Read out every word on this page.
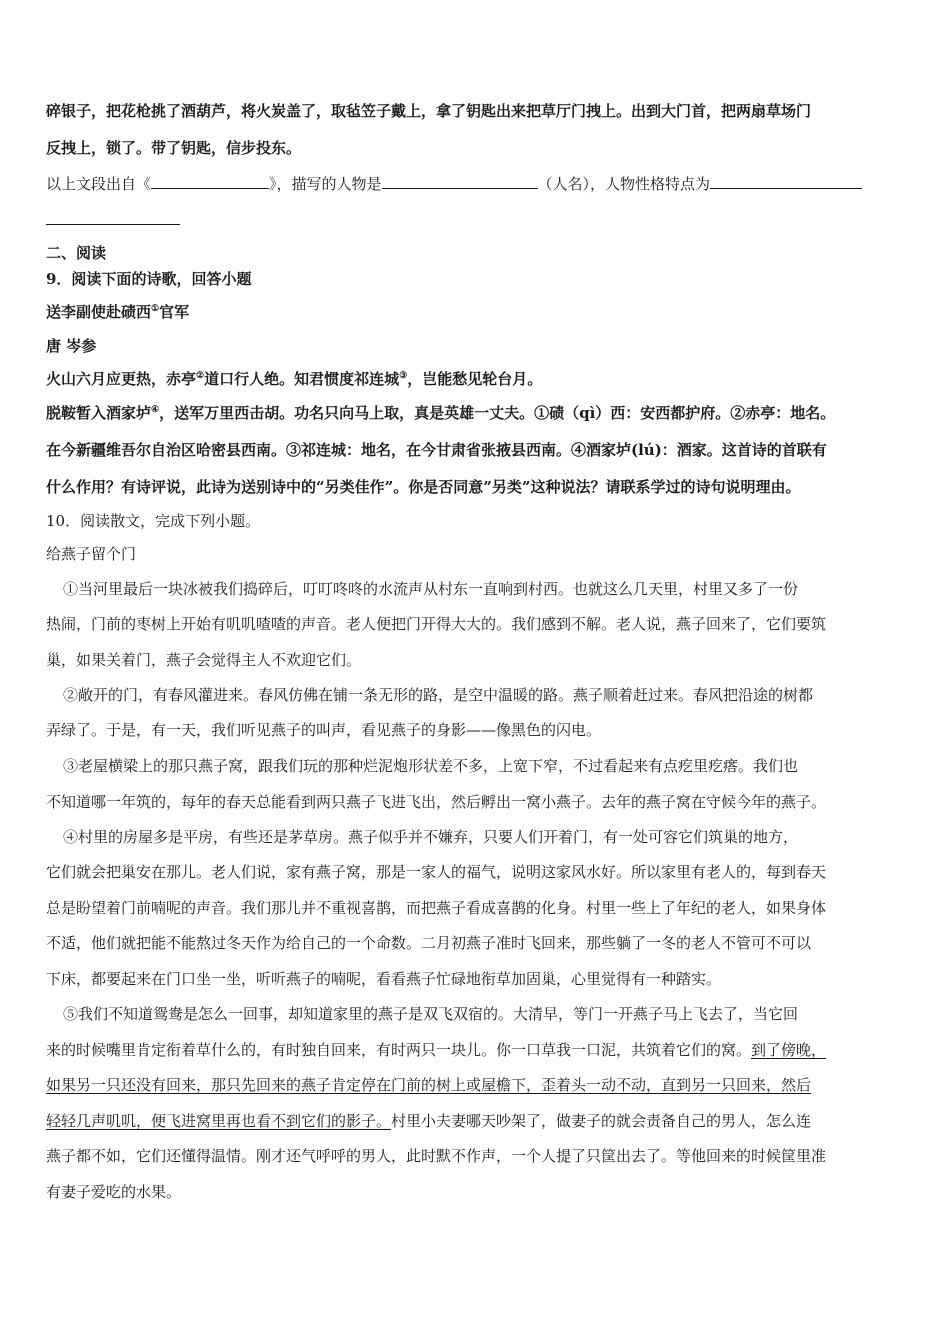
碎银子，把花枪挑了酒葫芦，将火炭盖了，取毡笠子戴上，拿了钥匙出来把草厅门拽上。出到大门首，把两扇草场门
反拽上，锁了。带了钥匙，信步投东。
以上文段出自《	》，描写的人物是	（人名），人物性格特点为
二、阅读
9．阅读下面的诗歌，回答小题
送李副使赴碛西①官军
唐 岑参
火山六月应更热，赤亭②道口行人绝。知君惯度祁连城③，岂能愁见轮台月。
脱鞍暂入酒家垆④，送军万里西击胡。功名只向马上取，真是英雄一丈夫。①碛（qì）西：安西都护府。②赤亭：地名。
在今新疆维吾尔自治区哈密县西南。③祁连城：地名，在今甘肃省张掖县西南。④酒家垆(lú)：酒家。这首诗的首联有
什么作用？有诗评说，此诗为送别诗中的“另类佳作”。你是否同意”另类”这种说法？请联系学过的诗句说明理由。
10．阅读散文，完成下列小题。
给燕子留个门
①当河里最后一块冰被我们捣碎后，叮叮咚咚的水流声从村东一直响到村西。也就这么几天里，村里又多了一份
热闹，门前的枣树上开始有叽叽喳喳的声音。老人便把门开得大大的。我们感到不解。老人说，燕子回来了，它们要筑
巢，如果关着门，燕子会觉得主人不欢迎它们。
②敞开的门，有春风灌进来。春风仿佛在铺一条无形的路，是空中温暖的路。燕子顺着赶过来。春风把沿途的树都
弄绿了。于是，有一天，我们听见燕子的叫声，看见燕子的身影——像黑色的闪电。
③老屋横梁上的那只燕子窝，跟我们玩的那种烂泥炮形状差不多，上宽下窄，不过看起来有点疙里疙瘩。我们也
不知道哪一年筑的，每年的春天总能看到两只燕子飞进飞出，然后孵出一窝小燕子。去年的燕子窝在守候今年的燕子。
④村里的房屋多是平房，有些还是茅草房。燕子似乎并不嫌弃，只要人们开着门，有一处可容它们筑巢的地方，
它们就会把巢安在那儿。老人们说，家有燕子窝，那是一家人的福气，说明这家风水好。所以家里有老人的，每到春天
总是盼望着门前喃呢的声音。我们那儿并不重视喜鹊，而把燕子看成喜鹊的化身。村里一些上了年纪的老人，如果身体
不适，他们就把能不能熬过冬天作为给自己的一个命数。二月初燕子准时飞回来，那些躺了一冬的老人不管可不可以
下床，都要起来在门口坐一坐，听听燕子的喃呢，看看燕子忙碌地衔草加固巢，心里觉得有一种踏实。
⑤我们不知道鸳鸯是怎么一回事，却知道家里的燕子是双飞双宿的。大清早，等门一开燕子马上飞去了，当它回
来的时候嘴里肯定衔着草什么的，有时独自回来，有时两只一块儿。你一口草我一口泥，共筑着它们的窝。到了傍晚，
如果另一只还没有回来，那只先回来的燕子肯定停在门前的树上或屋檐下，歪着头一动不动，直到另一只回来，然后
轻轻几声叽叽，便飞进窝里再也看不到它们的影子。村里小夫妻哪天吵架了，做妻子的就会责备自己的男人，怎么连
燕子都不如，它们还懂得温情。刚才还气呼呼的男人，此时默不作声，一个人提了只筐出去了。等他回来的时候筐里准
有妻子爱吃的水果。
